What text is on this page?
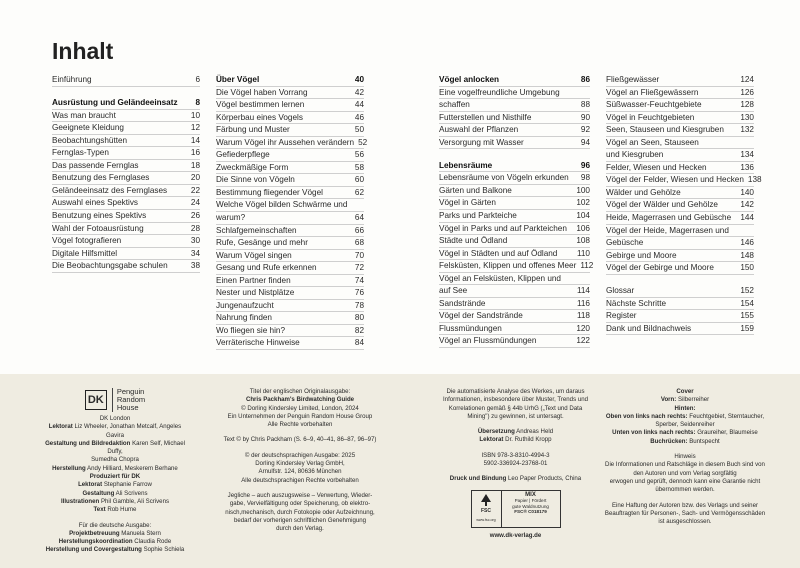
Inhalt
Einführung	6
Ausrüstung und Geländeeinsatz	8
Was man braucht	10
Geeignete Kleidung	12
Beobachtungshütten	14
Fernglas-Typen	16
Das passende Fernglas	18
Benutzung des Fernglases	20
Geländeeinsatz des Fernglases	22
Auswahl eines Spektivs	24
Benutzung eines Spektivs	26
Wahl der Fotoausrüstung	28
Vögel fotografieren	30
Digitale Hilfsmittel	34
Die Beobachtungsgabe schulen	38
Über Vögel	40
Die Vögel haben Vorrang	42
Vögel bestimmen lernen	44
Körperbau eines Vogels	46
Färbung und Muster	50
Warum Vögel ihr Aussehen verändern 52
Gefiederpflege	56
Zweckmäßige Form	58
Die Sinne von Vögeln	60
Bestimmung fliegender Vögel	62
Welche Vögel bilden Schwärme und
warum?	64
Schlafgemeinschaften	66
Rufe, Gesänge und mehr	68
Warum Vögel singen	70
Gesang und Rufe erkennen	72
Einen Partner finden	74
Nester und Nistplätze	76
Jungenaufzucht	78
Nahrung finden	80
Wo fliegen sie hin?	82
Verräterische Hinweise	84
Vögel anlocken	86
Eine vogelfreundliche Umgebung
schaffen	88
Futterstellen und Nisthilfe	90
Auswahl der Pflanzen	92
Versorgung mit Wasser	94
Lebensräume	96
Lebensräume von Vögeln erkunden	98
Gärten und Balkone	100
Vögel in Gärten	102
Parks und Parkteiche	104
Vögel in Parks und auf Parkteichen	106
Städte und Ödland	108
Vögel in Städten und auf Ödland	110
Felsküsten, Klippen und offenes Meer 112
Vögel an Felsküsten, Klippen und
auf See	114
Sandstrände	116
Vögel der Sandstrände	118
Flussmündungen	120
Vögel an Flussmündungen	122
Fließgewässer	124
Vögel an Fließgewässern	126
Süßwasser-Feuchtgebiete	128
Vögel in Feuchtgebieten	130
Seen, Stauseen und Kiesgruben	132
Vögel an Seen, Stauseen
und Kiesgruben	134
Felder, Wiesen und Hecken	136
Vögel der Felder, Wiesen und Hecken 138
Wälder und Gehölze	140
Vögel der Wälder und Gehölze	142
Heide, Magerrasen und Gebüsche	144
Vögel der Heide, Magerrasen und
Gebüsche	146
Gebirge und Moore	148
Vögel der Gebirge und Moore	150
Glossar	152
Nächste Schritte	154
Register	155
Dank und Bildnachweis	159
DK
Penguin
Random
House
DK London
Lektorat Liz Wheeler, Jonathan Metcalf, Angeles Gavira
Gestaltung und Bildredaktion Karen Self, Michael Duffy,
Sumedha Chopra
Herstellung Andy Hilliard, Meskerem Berhane
Produziert für DK
Lektorat Stephanie Farrow
Gestaltung Ali Scrivens
Illustrationen Phil Gamble, Ali Scrivens
Text Rob Hume
Für die deutsche Ausgabe:
Projektbetreuung Manuela Stern
Herstellungskoordination Claudia Rode
Herstellung und Covergestaltung Sophie Schiela
Titel der englischen Originalausgabe:
Chris Packham's Birdwatching Guide
© Dorling Kindersley Limited, London, 2024
Ein Unternehmen der Penguin Random House Group
Alle Rechte vorbehalten
Text © by Chris Packham (S. 6–9, 40–41, 86–87, 96–97)
© der deutschsprachigen Ausgabe: 2025
Dorling Kindersley Verlag GmbH,
Arnulfstr. 124, 80636 München
Alle deutschsprachigen Rechte vorbehalten
Jegliche – auch auszugsweise – Verwertung, Wieder-
gabe, Vervielfältigung oder Speicherung, ob elektro-
nisch,mechanisch, durch Fotokopie oder Aufzeichnung,
bedarf der vorherigen schriftlichen Genehmigung
durch den Verlag.
Die automatisierte Analyse des Werkes, um daraus
Informationen, insbesondere über Muster, Trends und
Korrelationen gemäß § 44b UrhG („Text und Data
Mining") zu gewinnen, ist untersagt.
Übersetzung Andreas Held
Lektorat Dr. Ruthild Kropp
ISBN 978-3-8310-4994-3
5902-336924-23768-01
Druck und Bindung Leo Paper Products, China
FSC
www.fsc.org
MIX
Papier | Fördert
gute Waldnutzung
FSC® C018179
www.dk-verlag.de
Cover
Vorn: Silberreiher
Hinten:
Oben von links nach rechts: Feuchtgebiet, Sterntaucher,
Sperber, Seidenreiher
Unten von links nach rechts: Graureiher, Blaumeise
Buchrücken: Buntspecht
Hinweis
Die Informationen und Ratschläge in diesem Buch sind von
den Autoren und vom Verlag sorgfältig
erwogen und geprüft, dennoch kann eine Garantie nicht
übernommen werden.
Eine Haftung der Autoren bzw. des Verlags und seiner
Beauftragten für Personen-, Sach- und Vermögensschäden
ist ausgeschlossen.
